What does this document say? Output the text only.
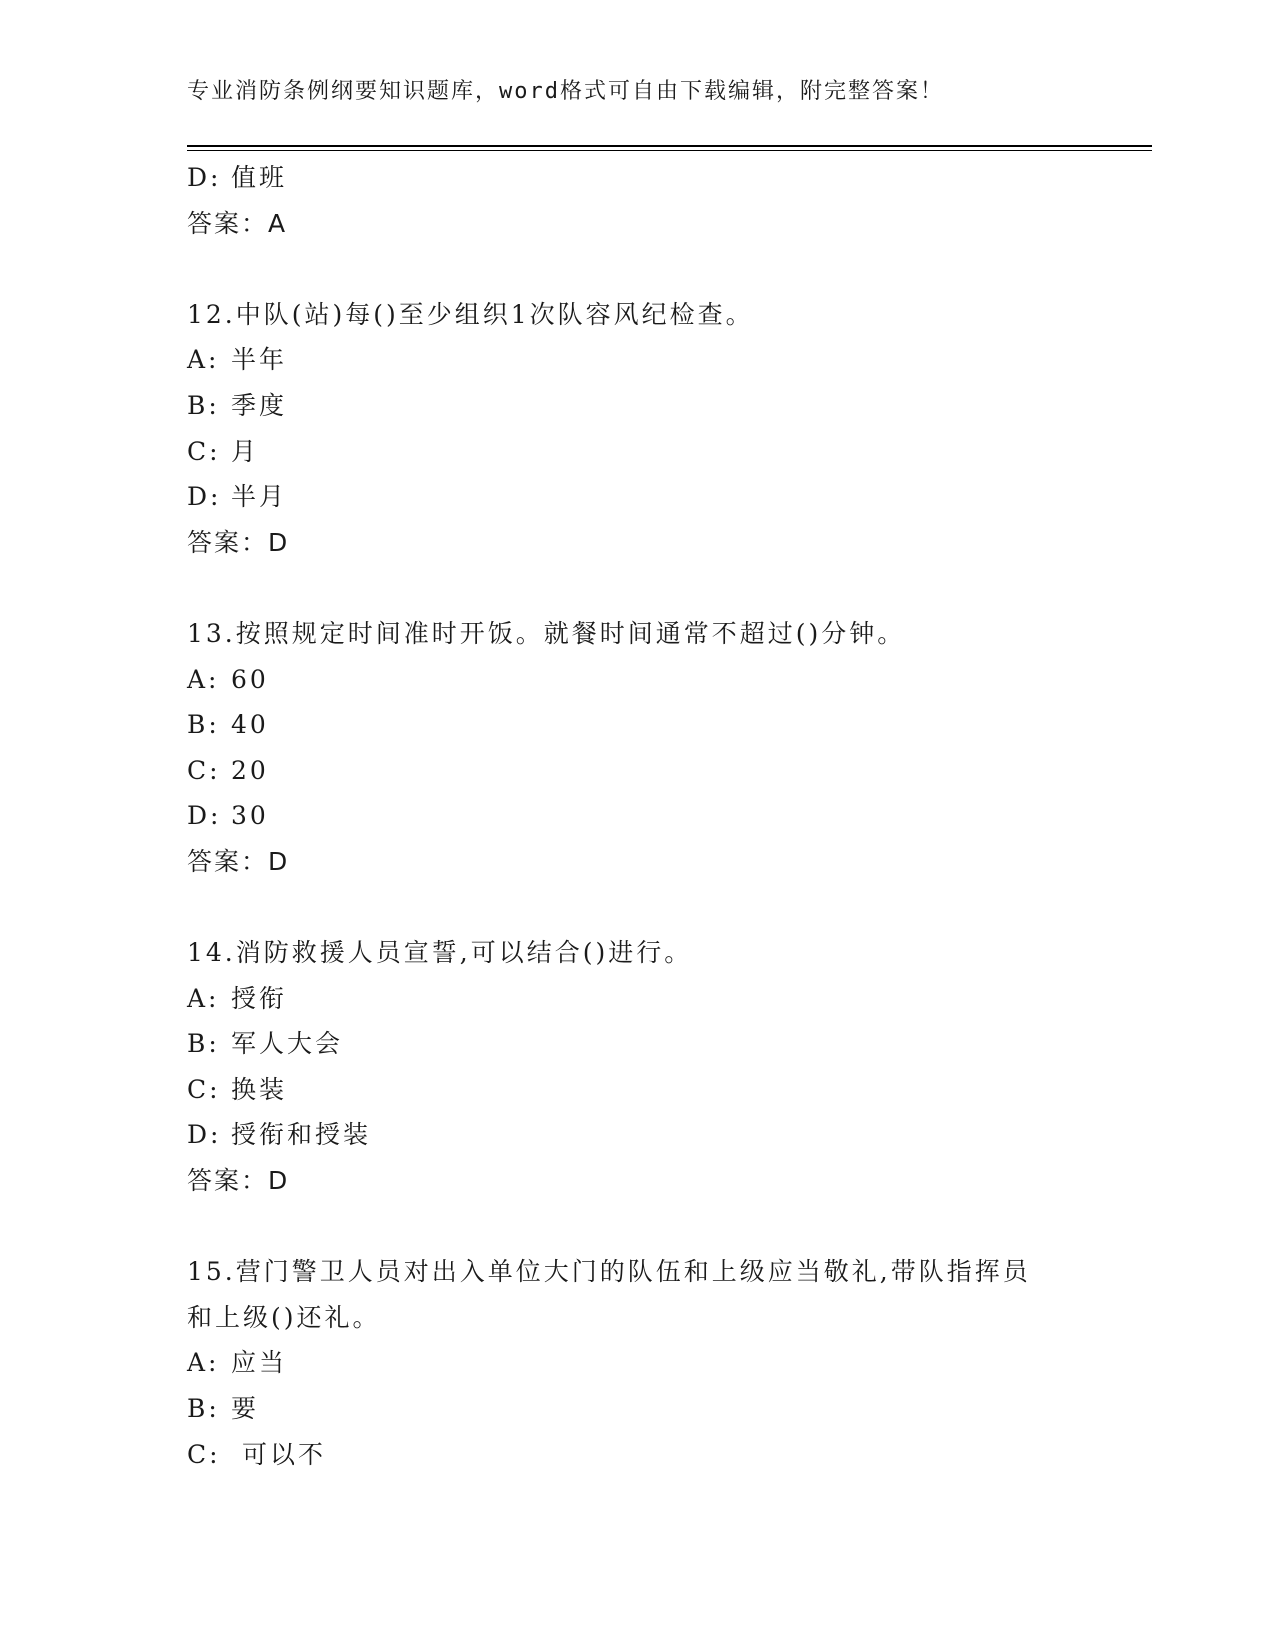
专业消防条例纲要知识题库，word格式可自由下载编辑，附完整答案！
D: 值班
答案：A
12.中队(站)每()至少组织1次队容风纪检查。
A: 半年
B: 季度
C: 月
D: 半月
答案：D
13.按照规定时间准时开饭。就餐时间通常不超过()分钟。
A: 60
B: 40
C: 20
D: 30
答案：D
14.消防救援人员宣誓,可以结合()进行。
A: 授衔
B: 军人大会
C: 换装
D: 授衔和授装
答案：D
15.营门警卫人员对出入单位大门的队伍和上级应当敬礼,带队指挥员
和上级()还礼。
A: 应当
B: 要
C: 可以不
